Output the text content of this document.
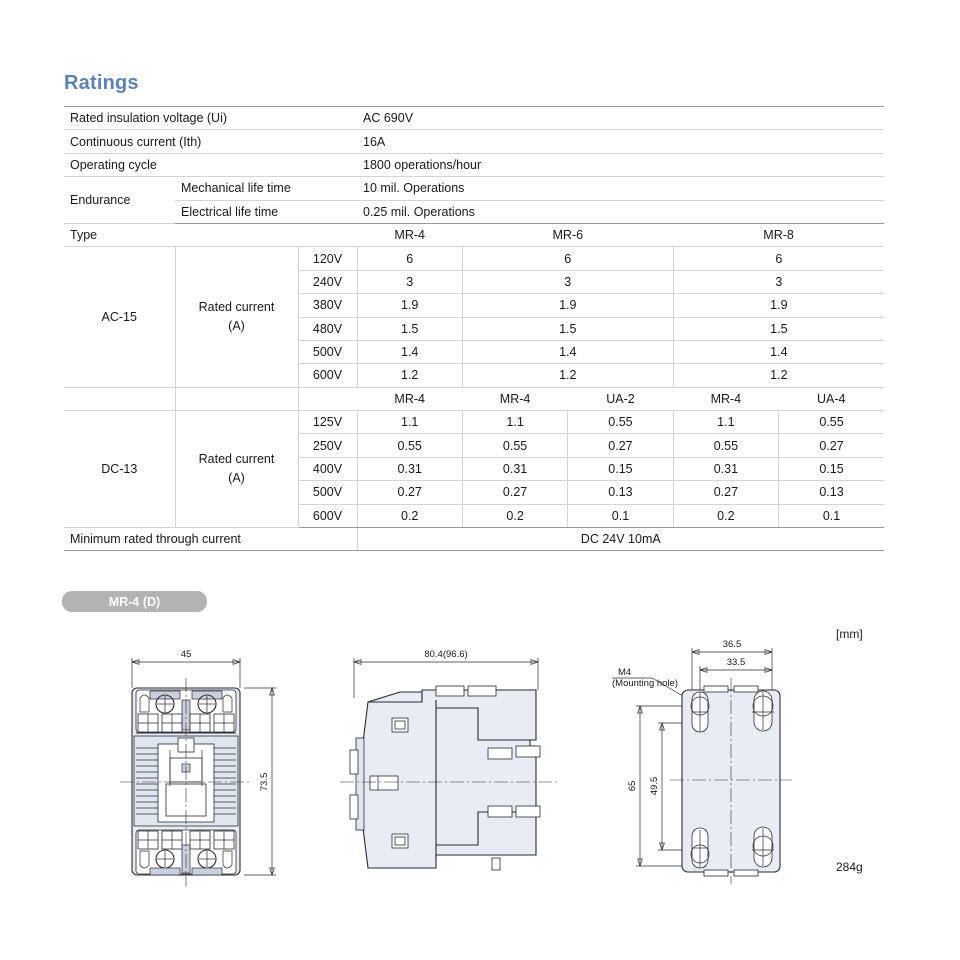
Ratings
Rated insulation voltage (Ui)			AC 690V				
Continuous current (Ith)			16A				
Operating cycle			1800 operations/hour				
Endurance	Mechanical life time		10 mil. Operations				
	Electrical life time		0.25 mil. Operations				
Type			MR-4	MR-6		MR-8	
AC-15	Rated current
(A)	120V	6	6		6	
		240V	3	3		3	
		380V	1.9	1.9		1.9	
		480V	1.5	1.5		1.5	
		500V	1.4	1.4		1.4	
		600V	1.2	1.2		1.2	
			MR-4	MR-4	UA-2	MR-4	UA-4
DC-13	Rated current
(A)	125V	1.1	1.1	0.55	1.1	0.55
		250V	0.55	0.55	0.27	0.55	0.27
		400V	0.31	0.31	0.15	0.31	0.15
		500V	0.27	0.27	0.13	0.27	0.13
		600V	0.2	0.2	0.1	0.2	0.1
Minimum rated through current			DC 24V 10mA				
MR-4 (D)
[mm]
284g
45
73.5
80.4(96.6)
36.5
33.5
M4
(Mounting hole)
65 49.5
